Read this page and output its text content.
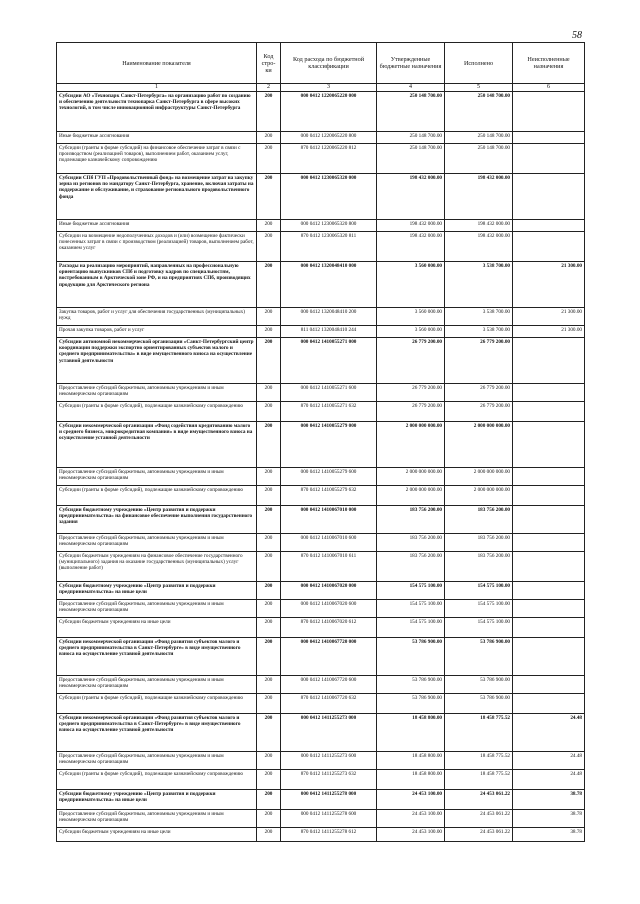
58
Наименование показателя	Код стро-ки	Код расхода по бюджетной классификации	Утвержденные бюджетные назначения	Исполнено	Неисполненные назначения
1	2	3	4	5	6
Субсидии АО «Технопарк Санкт-Петербурга» на организацию работ по созданию и обеспечению деятельности технопарка Санкт-Петербурга в сфере высоких технологий, в том числе инновационной инфраструктуры Санкт-Петербурга	200	000 0412 1220065220 000	250 148 700.00	250 148 700.00	
Иные бюджетные ассигнования	200	000 0412 1220065220 800	250 148 700.00	250 148 700.00	
Субсидии (гранты в форме субсидий) на финансовое обеспечение затрат в связи с производством (реализацией товаров), выполнением работ, оказанием услуг, подлежащие казначейскому сопровождению	200	870 0412 1220065220 812	250 148 700.00	250 148 700.00	
Субсидии СПб ГУП «Продовольственный фонд» на возмещение затрат на закупку зерна из регионов по мандатору Санкт-Петербурга, хранение, включая затраты на поддержание и обслуживание, и страхование регионального продовольственного фонда	200	000 0412 1230065320 000	198 432 000.00	198 432 000.00	
Иные бюджетные ассигнования	200	000 0412 1230065320 800	198 432 000.00	198 432 000.00	
Субсидии на возмещение недополученных доходов и (или) возмещение фактически понесенных затрат в связи с производством (реализацией) товаров, выполнением работ, оказанием услуг	200	870 0412 1230065320 811	198 432 000.00	198 432 000.00	
Расходы на реализацию мероприятий, направленных на профессиональную ориентацию выпускников СПб и подготовку кадров по специальностям, востребованным в Арктической зоне РФ, и на предприятиях СПб, производящих продукцию для Арктического региона	200	000 0412 1320048410 000	3 560 000.00	3 538 700.00	21 300.00
Закупка товаров, работ и услуг для обеспечения государственных (муниципальных) нужд	200	000 0412 1320048410 200	3 560 000.00	3 538 700.00	21 300.00
Прочая закупка товаров, работ и услуг	200	811 0412 1320048410 244	3 560 000.00	3 538 700.00	21 300.00
Субсидии автономной некоммерческой организации «Санкт-Петербургский центр координации поддержки экспортно ориентированных субъектов малого и среднего предпринимательства» в виде имущественного взноса на осуществление уставной деятельности	200	000 0412 1410055271 000	26 779 200.00	26 779 200.00	
Предоставление субсидий бюджетным, автономным учреждениям и иным некоммерческим организациям	200	000 0412 1410055271 600	26 779 200.00	26 779 200.00	
Субсидии (гранты в форме субсидий), подлежащие казначейскому сопровождению	200	870 0412 1410055271 632	26 779 200.00	26 779 200.00	
Субсидии некоммерческой организации «Фонд содействия кредитованию малого и среднего бизнеса, микрокредитная компания» в виде имущественного взноса на осуществление уставной деятельности	200	000 0412 1410055279 000	2 000 000 000.00	2 000 000 000.00	
Предоставление субсидий бюджетным, автономным учреждениям и иным некоммерческим организациям	200	000 0412 1410055279 600	2 000 000 000.00	2 000 000 000.00	
Субсидии (гранты в форме субсидий), подлежащие казначейскому сопровождению	200	870 0412 1410055279 632	2 000 000 000.00	2 000 000 000.00	
Субсидии бюджетному учреждению «Центр развития и поддержки предпринимательства» на финансовое обеспечение выполнения государственного задания	200	000 0412 1410067010 000	183 756 200.00	183 756 200.00	
Предоставление субсидий бюджетным, автономным учреждениям и иным некоммерческим организациям	200	000 0412 1410067010 600	183 756 200.00	183 756 200.00	
Субсидии бюджетным учреждениям на финансовое обеспечение государственного (муниципального) задания на оказание государственных (муниципальных) услуг (выполнение работ)	200	870 0412 1410067010 611	183 756 200.00	183 756 200.00	
Субсидии бюджетному учреждению «Центр развития и поддержки предпринимательства» на иные цели	200	000 0412 1410067020 000	154 575 100.00	154 575 100.00	
Предоставление субсидий бюджетным, автономным учреждениям и иным некоммерческим организациям	200	000 0412 1410067020 600	154 575 100.00	154 575 100.00	
Субсидии бюджетным учреждениям на иные цели	200	870 0412 1410067020 612	154 575 100.00	154 575 100.00	
Субсидии некоммерческой организации «Фонд развития субъектов малого и среднего предпринимательства в Санкт-Петербурге» в виде имущественного взноса на осуществление уставной деятельности	200	000 0412 1410067720 000	53 786 900.00	53 786 900.00	
Предоставление субсидий бюджетным, автономным учреждениям и иным некоммерческим организациям	200	000 0412 1410067720 600	53 786 900.00	53 786 900.00	
Субсидии (гранты в форме субсидий), подлежащие казначейскому сопровождению	200	870 0412 1410067720 632	53 786 900.00	53 786 900.00	
Субсидии некоммерческой организации «Фонд развития субъектов малого и среднего предпринимательства в Санкт-Петербурге» в виде имущественного взноса на осуществление уставной деятельности	200	000 0412 1411255273 000	18 458 800.00	18 458 775.52	24.48
Предоставление субсидий бюджетным, автономным учреждениям и иным некоммерческим организациям	200	000 0412 1411255273 600	18 458 800.00	18 458 775.52	24.48
Субсидии (гранты в форме субсидий), подлежащие казначейскому сопровождению	200	870 0412 1411255273 632	18 458 800.00	18 458 775.52	24.48
Субсидии бюджетному учреждению «Центр развития и поддержки предпринимательства» на иные цели	200	000 0412 1411255278 000	24 453 100.00	24 453 061.22	38.78
Предоставление субсидий бюджетным, автономным учреждениям и иным некоммерческим организациям	200	000 0412 1411255278 600	24 453 100.00	24 453 061.22	38.78
Субсидии бюджетным учреждениям на иные цели	200	870 0412 1411255278 612	24 453 100.00	24 453 061.22	38.78
